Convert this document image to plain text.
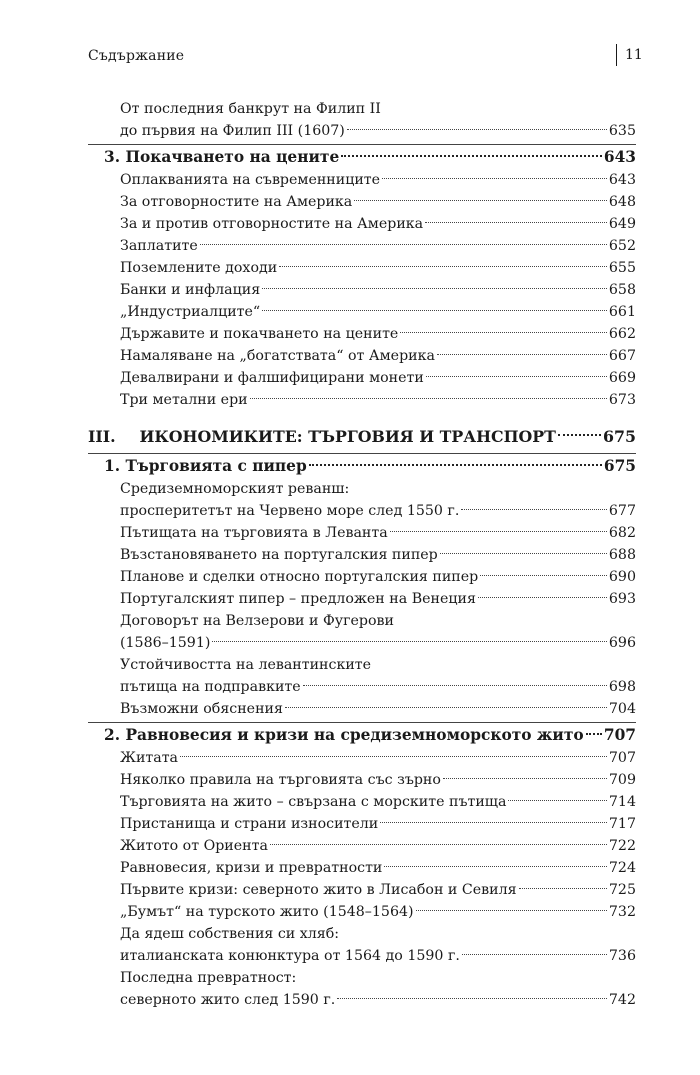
Съдържание	11
От последния банкрут на Филип II
до първия на Филип III (1607)	635
3.
Покачването на цените	643
Оплакванията на съвременниците	643
За отговорностите на Америка	648
За и против отговорностите на Америка	649
Заплатите	652
Поземлените доходи	655
Банки и инфлация	658
„Индустриалците“	661
Държавите и покачването на цените	662
Намаляване на „богатствата“ от Америка	667
Девалвирани и фалшифицирани монети	669
Три метални ери	673
III.
	ИКОНОМИКИТЕ: ТЪРГОВИЯ И ТРАНСПОРТ	675
1.
Търговията с пипер	675
Средиземноморският реванш:
просперитетът на Червено море след 1550 г.	677
Пътищата на търговията в Леванта	682
Възстановяването на португалския пипер	688
Планове и сделки относно португалския пипер	690
Португалският пипер – предложен на Венеция	693
Договорът на Велзерови и Фугерови
(1586–1591)	696
Устойчивостта на левантинските
пътища на подправките	698
Възможни обяснения	704
2.
Равновесия и кризи на средиземноморското жито 707
Житата	707
Няколко правила на търговията със зърно	709
Търговията на жито – свързана с морските пътища	714
Пристанища и страни износители	717
Житото от Ориента	722
Равновесия, кризи и превратности	724
Първите кризи: северното жито в Лисабон и Севиля	725
„Бумът“ на турското жито (1548–1564)	732
Да ядеш собствения си хляб:
италианската конюнктура от 1564 до 1590 г.	736
Последна превратност:
северното жито след 1590 г.	742
